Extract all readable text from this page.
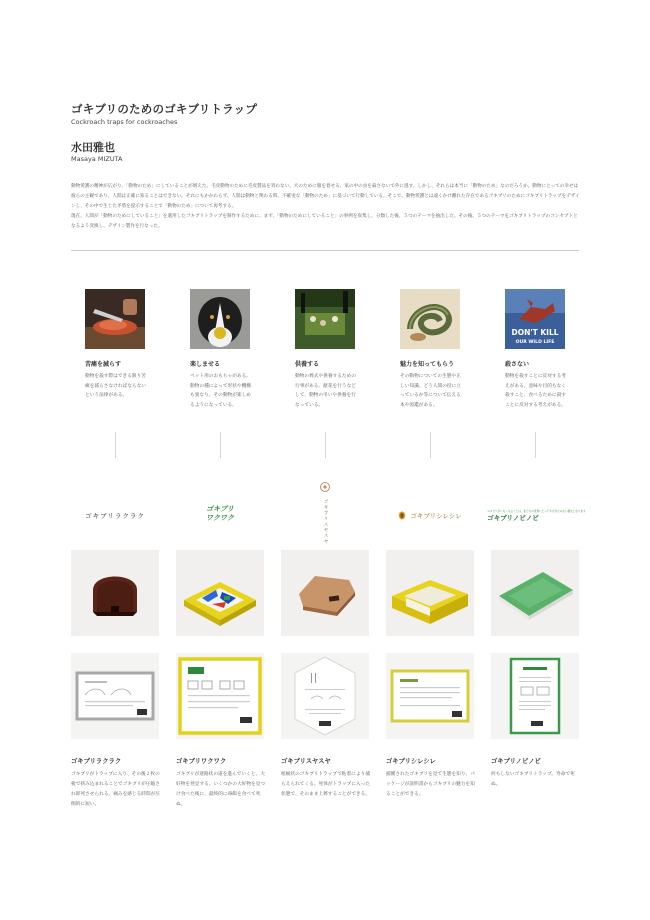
ゴキブリのためのゴキブリトラップ
Cockroach traps for cockroaches
水田雅也
Masaya MIZUTA

動物愛護の精神が広がり、「動物のため」にしていることが増えた。毛皮動物のために毛皮製品を買わない、犬のために服を着せる、家の中の虫を殺さないで外に逃す。しかし、それらは本当に「動物のため」なのだろうか。動物にとっての幸せは彼らの主観であり、人間は正確に知ることはできない。それにもかかわらず、人間は動物と関わる時、不確実な「動物のため」に基づいて行動している。そこで、動物愛護とは遠くかけ離れた存在であるゴキブリのためにゴキブリトラップをデザインし、その中で生じた矛盾を提示することで「動物のため」について再考する。

現在、人間が「動物のためにしていること」を適用したゴキブリトラップを制作するために、まず、「動物のためにしていること」の事例を収集し、分類した後、５つのテーマを抽出した。その後、５つのテーマをゴキブリトラップのコンセプトとなるよう変換し、デザイン製作を行なった。

苦痛を減らす
動物を殺す際はできる限り苦痛を減らさなければならないという法律がある。
楽しませる
ペット用のおもちゃがある。動物の種によって形状や機構も異なり、その動物が楽しめるようになっている。
供養する
動物の葬式や供養するための行事がある。献花を行うなどして、動物の弔いや供養を行なっている。
魅力を知ってもらう
その動物についての生態や正しい知識、どう人間の役に立っているか等について伝える本や図鑑がある。
DON'T KILL
OUR WILD LIFE
殺さない
動物を殺すことに反対する考えがある。意味や目的もなく殺すこと、食べるために殺すことに反対する考えがある。
ゴキブリラクラク
ゴキブリ
ワクワク	ゴキブリスヤスヤ	ゴキブリシレシレ
ゴキブリがいなくなることは、私たちの世界にとってかけがえのない損失となります
ゴキブリノビノビ
ゴキブリラクラク
ゴキブリがトラップに入り、その後２枚の板で挟み込まれることでゴキブリが圧縮され即死させられる。痛みを感じる時間が圧倒的に短い。
ゴキブリワクワク
ゴキブリが迷路状の道を進んでいくと、大好物を発見する。いくつかの大好物を見つけ食べた後に、最終的に毒餌を食べて死ぬ。
ゴキブリスヤスヤ
棺桶状のゴキブリトラップで粘着により捕らえられてくる。死体がトラップに入った状態で、そのまま上葬することができる。
ゴキブリシレシレ
捕獲されたゴキブリを見て生態を知り、パッケージが説明書からゴキブリの魅力を知ることができる。
ゴキブリノビノビ
何もしないゴキブリトラップ。寿命で死ぬ。
